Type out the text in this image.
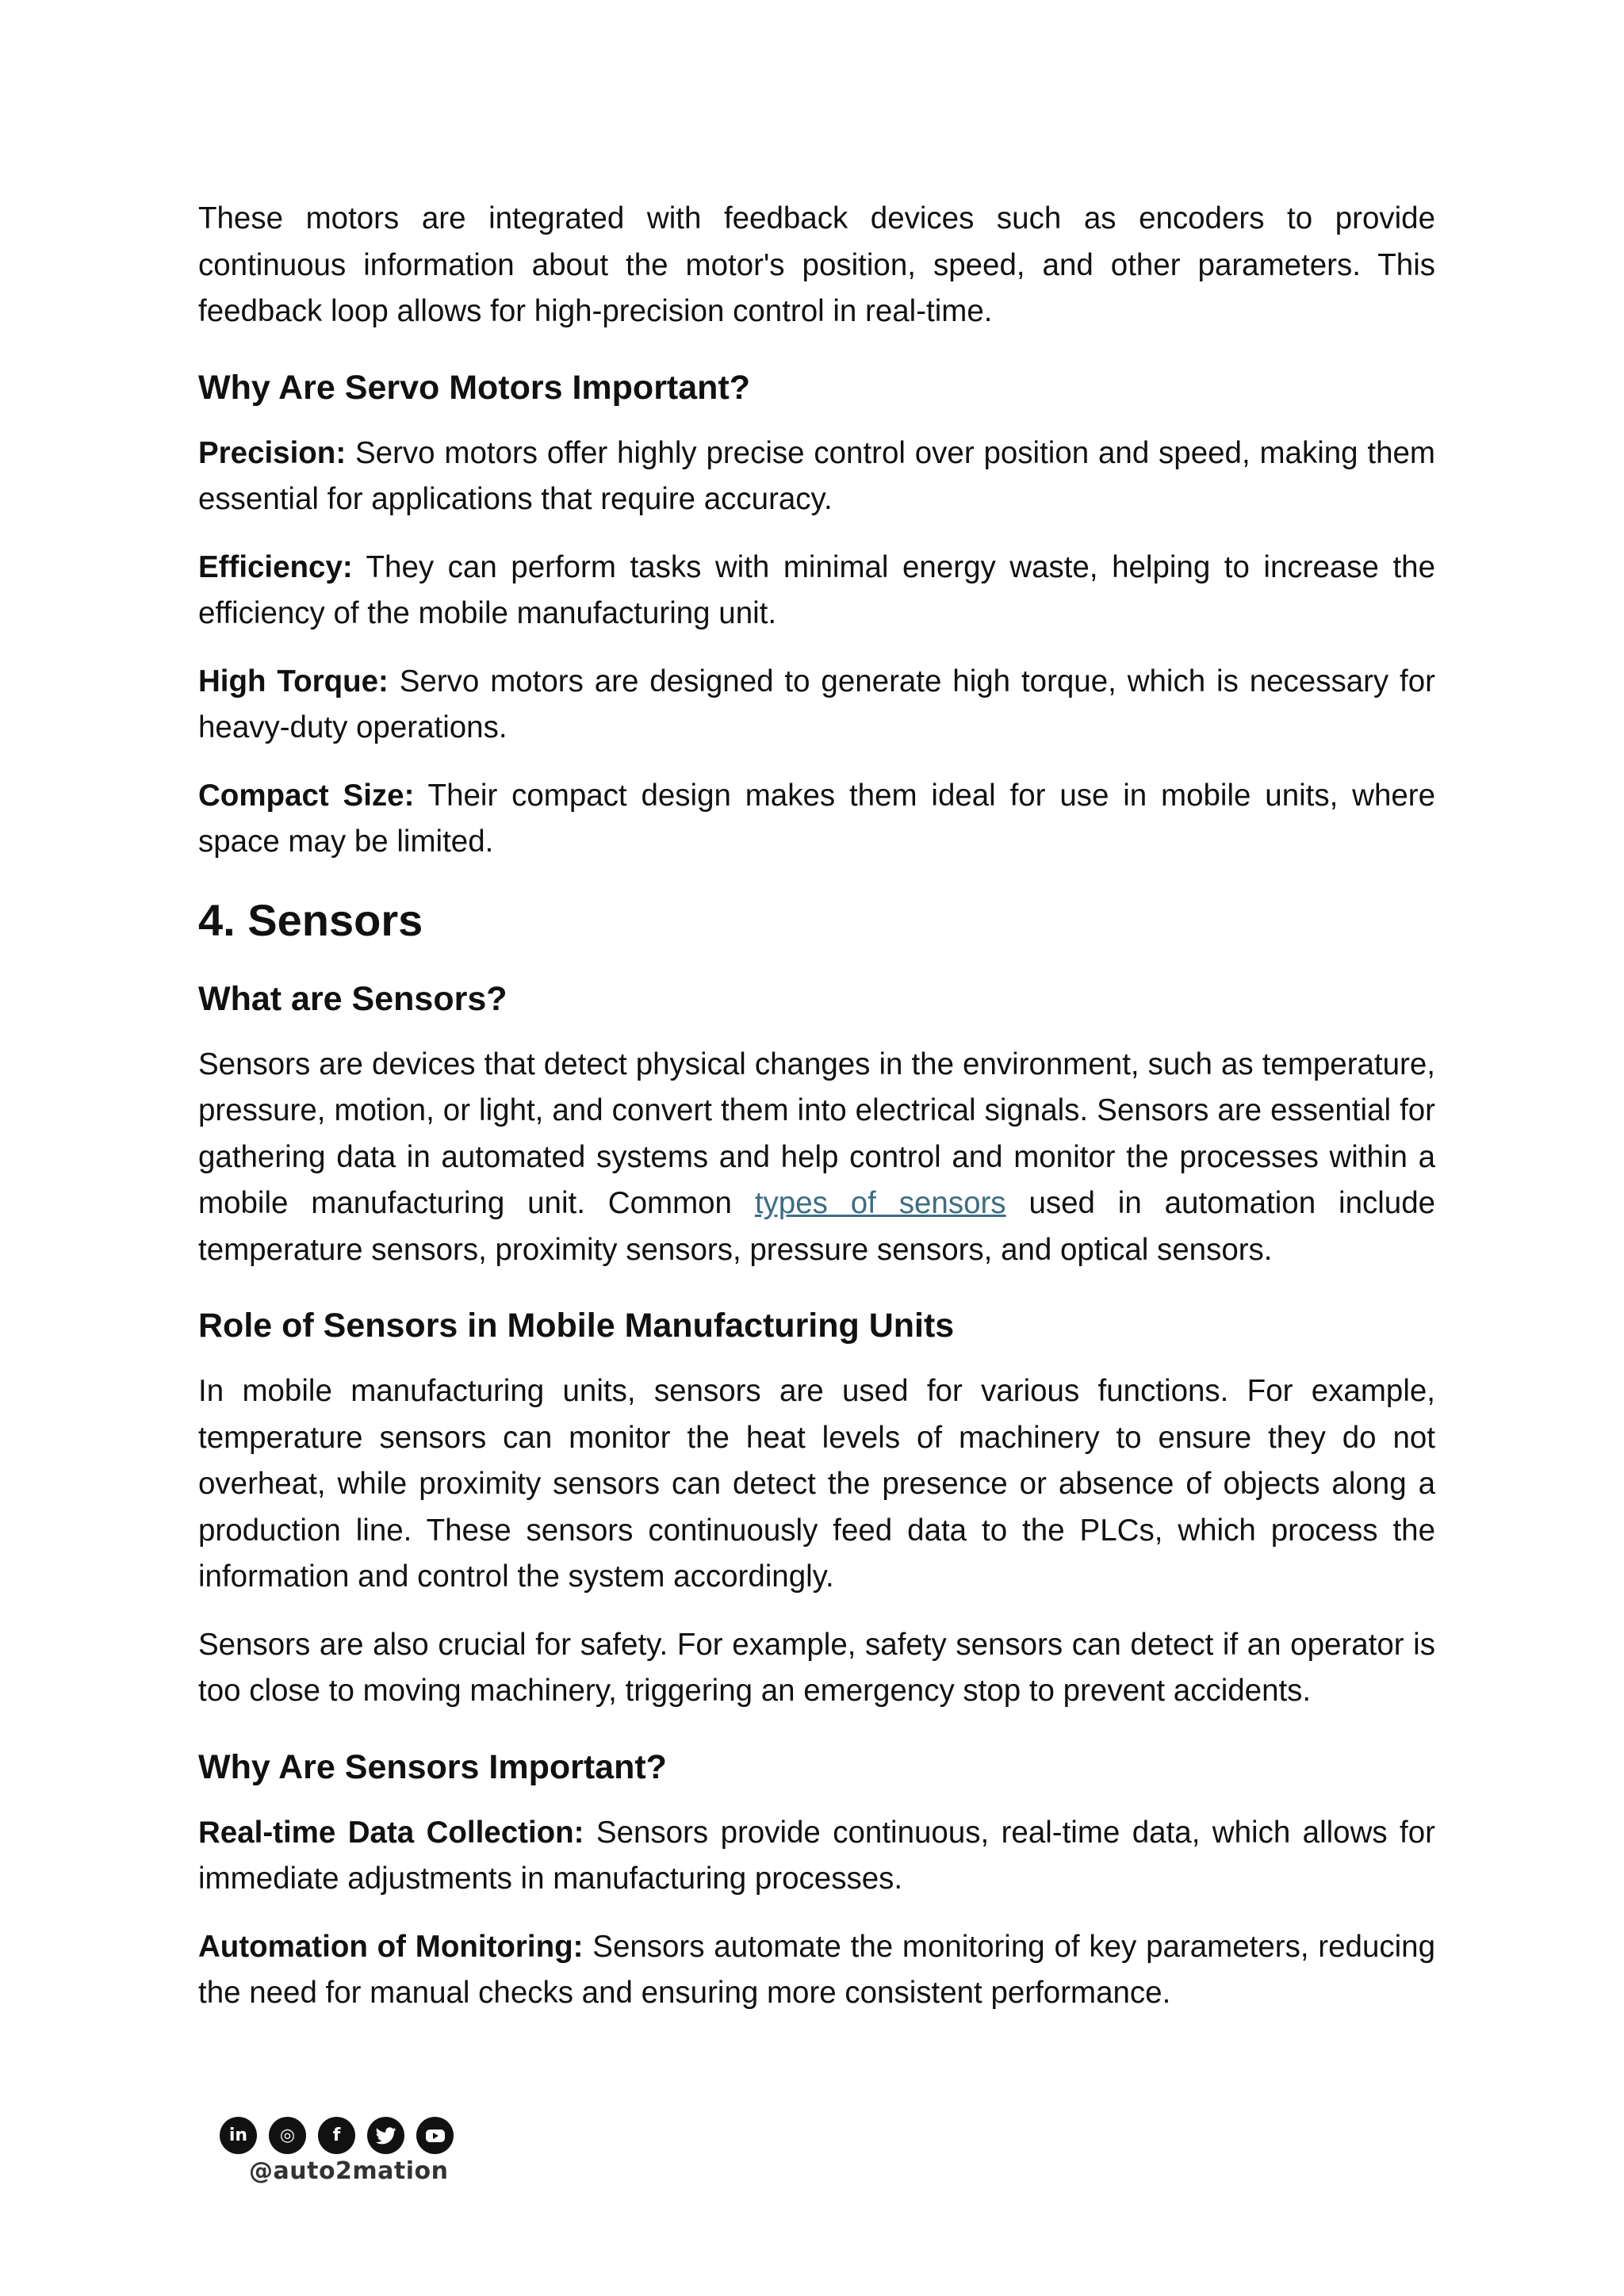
These motors are integrated with feedback devices such as encoders to provide continuous information about the motor's position, speed, and other parameters. This feedback loop allows for high-precision control in real-time.

Why Are Servo Motors Important?

Precision: Servo motors offer highly precise control over position and speed, making them essential for applications that require accuracy.

Efficiency: They can perform tasks with minimal energy waste, helping to increase the efficiency of the mobile manufacturing unit.

High Torque: Servo motors are designed to generate high torque, which is necessary for heavy-duty operations.

Compact Size: Their compact design makes them ideal for use in mobile units, where space may be limited.

4. Sensors
What are Sensors?

Sensors are devices that detect physical changes in the environment, such as temperature, pressure, motion, or light, and convert them into electrical signals. Sensors are essential for gathering data in automated systems and help control and monitor the processes within a mobile manufacturing unit. Common types of sensors used in automation include temperature sensors, proximity sensors, pressure sensors, and optical sensors.

Role of Sensors in Mobile Manufacturing Units

In mobile manufacturing units, sensors are used for various functions. For example, temperature sensors can monitor the heat levels of machinery to ensure they do not overheat, while proximity sensors can detect the presence or absence of objects along a production line. These sensors continuously feed data to the PLCs, which process the information and control the system accordingly.

Sensors are also crucial for safety. For example, safety sensors can detect if an operator is too close to moving machinery, triggering an emergency stop to prevent accidents.

Why Are Sensors Important?

Real-time Data Collection: Sensors provide continuous, real-time data, which allows for immediate adjustments in manufacturing processes.

Automation of Monitoring: Sensors automate the monitoring of key parameters, reducing the need for manual checks and ensuring more consistent performance.

in	◎	f
@auto2mation
